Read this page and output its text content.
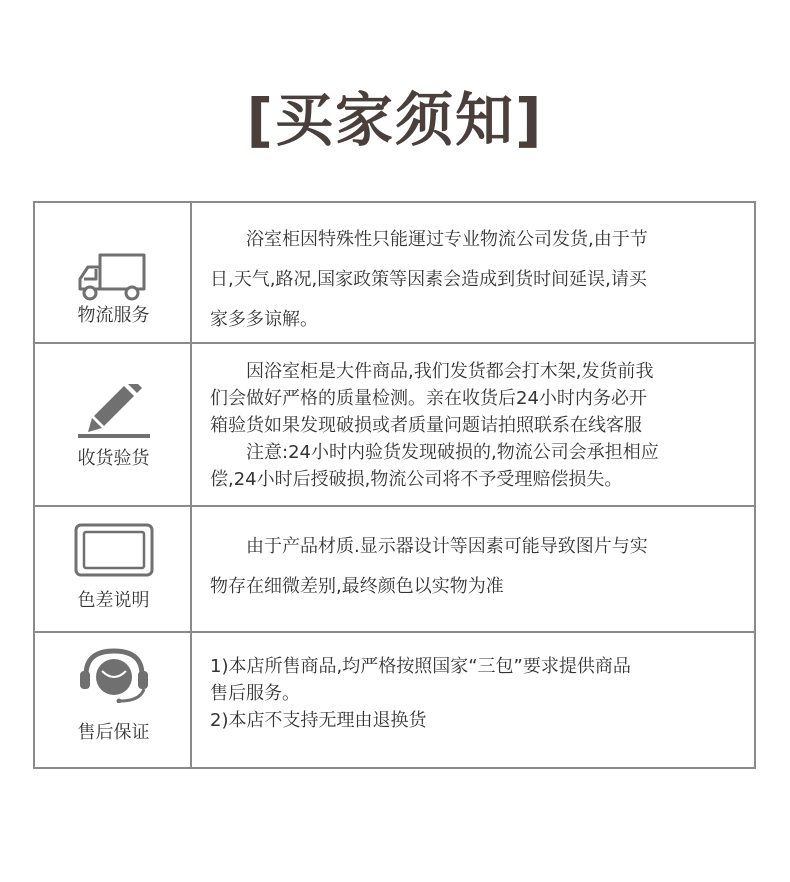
[买家须知]
物流服务
浴室柜因特殊性只能運过专业物流公司发货,由于节
日,天气,路况,国家政策等因素会造成到货时间延误,请买
家多多谅解。
收货验货
因浴室柜是大件商品,我们发货都会打木架,发货前我
们会做好严格的质量检测。亲在收货后24小时内务必开
箱验货如果发现破损或者质量问题诘拍照联系在线客服
注意:24小时内验货发现破损的,物流公司会承担相应
偿,24小时后授破损,物流公司将不予受理赔偿损失。
色差说明
由于产品材质.显示器设计等因素可能导致图片与实
物存在细微差别,最终颜色以实物为准
售后保证
1)本店所售商品,均严格按照国家“三包”要求提供商品
售后服务。
2)本店不支持无理由退换货
